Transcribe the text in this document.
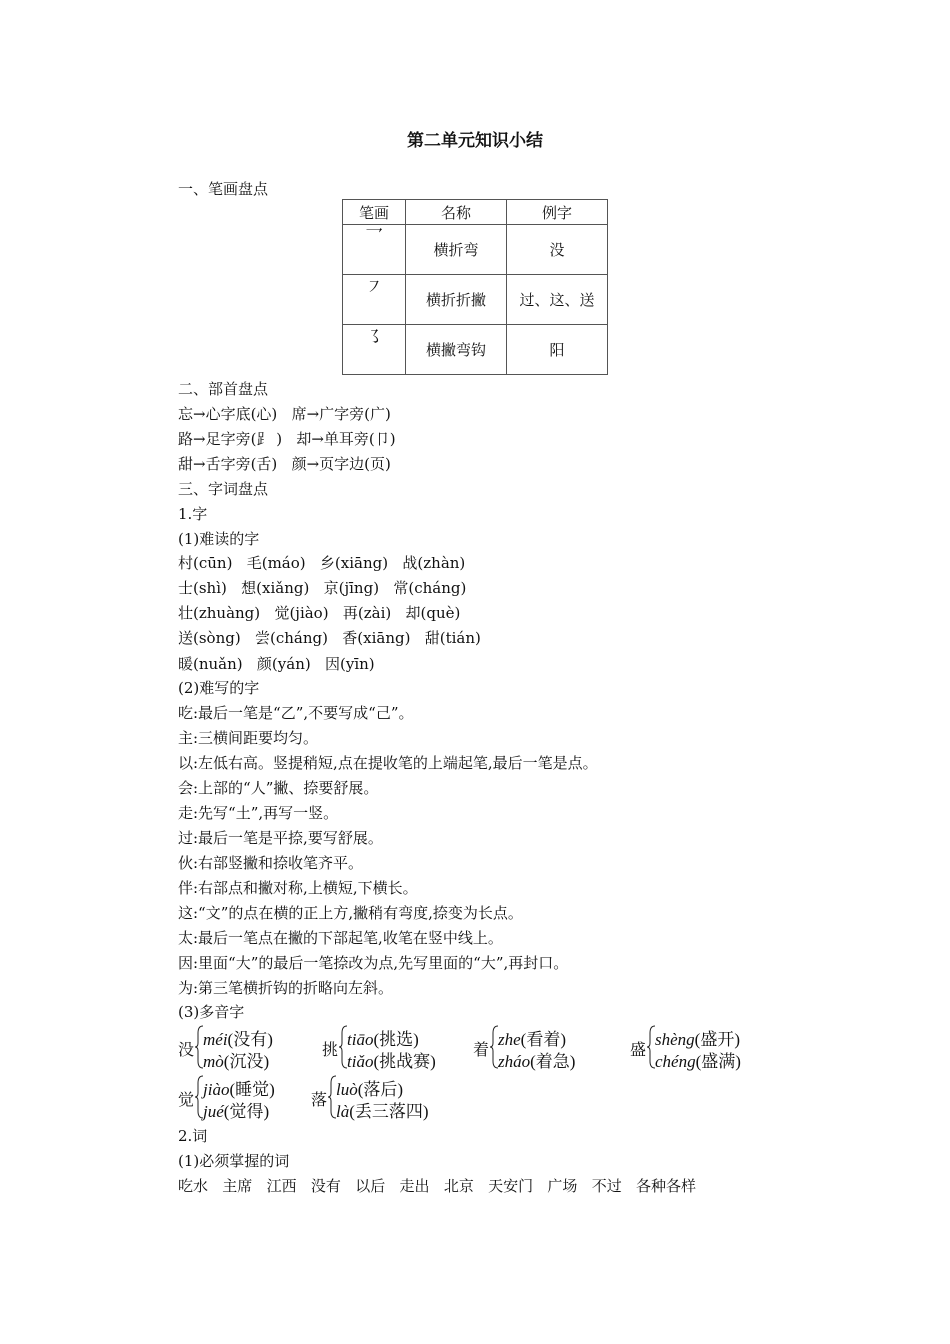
第二单元知识小结
一、笔画盘点
笔画	名称	例字
乛	横折弯	没
㇇	横折折撇	过、这、送
㇌	横撇弯钩	阳
二、部首盘点
忘→心字底(心)   席→广字旁(广)
路→足字旁(⻊ )   却→单耳旁(卩)
甜→舌字旁(舌)   颜→页字边(页)
三、字词盘点
1.字
(1)难读的字
村(cūn)   毛(máo)   乡(xiāng)   战(zhàn)
士(shì)   想(xiǎng)   京(jīng)   常(cháng)
壮(zhuàng)   觉(jiào)   再(zài)   却(què)
送(sòng)   尝(cháng)   香(xiāng)   甜(tián)
暖(nuǎn)   颜(yán)   因(yīn)
(2)难写的字
吃:最后一笔是“乙”,不要写成“己”。
主:三横间距要均匀。
以:左低右高。竖提稍短,点在提收笔的上端起笔,最后一笔是点。
会:上部的“人”撇、捺要舒展。
走:先写“土”,再写一竖。
过:最后一笔是平捺,要写舒展。
伙:右部竖撇和捺收笔齐平。
伴:右部点和撇对称,上横短,下横长。
这:“文”的点在横的正上方,撇稍有弯度,捺变为长点。
太:最后一笔点在撇的下部起笔,收笔在竖中线上。
因:里面“大”的最后一笔捺改为点,先写里面的“大”,再封口。
为:第三笔横折钩的折略向左斜。
(3)多音字
没
méi(没有)
mò(沉没)
挑
tiāo(挑选)
tiǎo(挑战赛)
着
zhe(看着)
zháo(着急)
盛
shèng(盛开)
chéng(盛满)
觉
jiào(睡觉)
jué(觉得)
落
luò(落后)
là(丢三落四)
2.词
(1)必须掌握的词
吃水   主席   江西   没有   以后   走出   北京   天安门   广场   不过   各种各样
